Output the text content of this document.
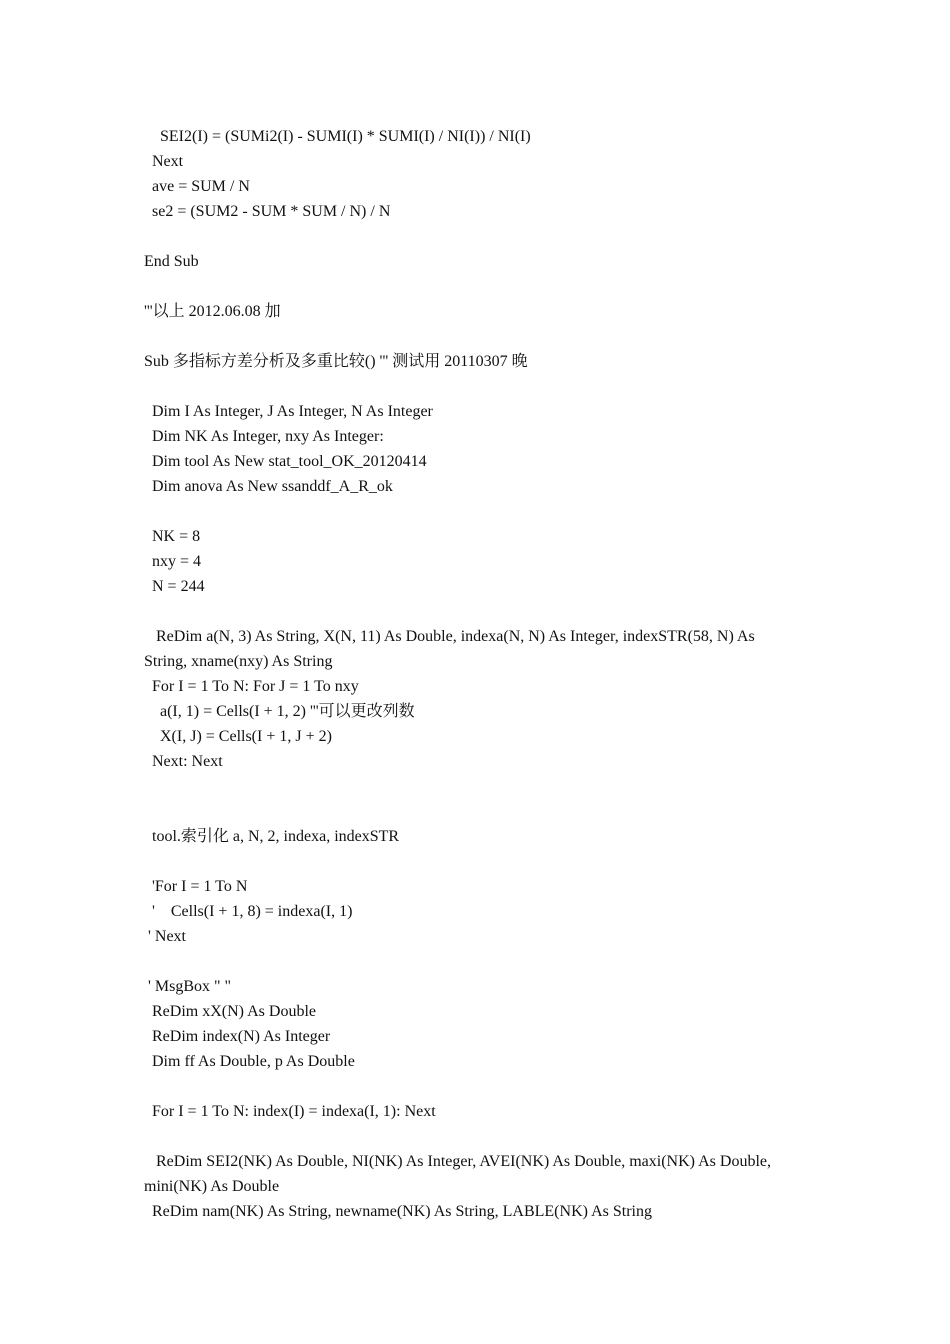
SEI2(I) = (SUMi2(I) - SUMI(I) * SUMI(I) / NI(I)) / NI(I)
Next
ave = SUM / N
se2 = (SUM2 - SUM * SUM / N) / N
End Sub
'''以上 2012.06.08 加
Sub 多指标方差分析及多重比较() ''' 测试用 20110307 晚
Dim I As Integer, J As Integer, N As Integer
Dim NK As Integer, nxy As Integer:
Dim tool As New stat_tool_OK_20120414
Dim anova As New ssanddf_A_R_ok
NK = 8
nxy = 4
N = 244
ReDim a(N, 3) As String, X(N, 11) As Double, indexa(N, N) As Integer, indexSTR(58, N) As
String, xname(nxy) As String
For I = 1 To N: For J = 1 To nxy
a(I, 1) = Cells(I + 1, 2) '''可以更改列数
X(I, J) = Cells(I + 1, J + 2)
Next: Next
tool.索引化 a, N, 2, indexa, indexSTR
'For I = 1 To N
'    Cells(I + 1, 8) = indexa(I, 1)
' Next
' MsgBox " "
ReDim xX(N) As Double
ReDim index(N) As Integer
Dim ff As Double, p As Double
For I = 1 To N: index(I) = indexa(I, 1): Next
ReDim SEI2(NK) As Double, NI(NK) As Integer, AVEI(NK) As Double, maxi(NK) As Double,
mini(NK) As Double
ReDim nam(NK) As String, newname(NK) As String, LABLE(NK) As String
